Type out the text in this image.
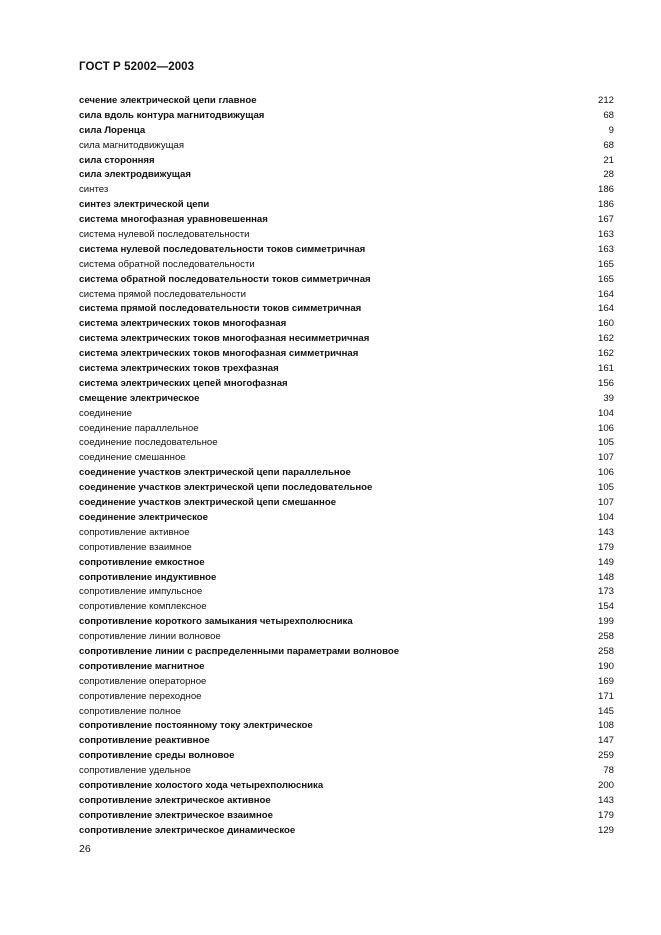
ГОСТ Р 52002—2003
сечение электрической цепи главное	212
сила вдоль контура магнитодвижущая	68
сила Лоренца	9
сила магнитодвижущая	68
сила сторонняя	21
сила электродвижущая	28
синтез	186
синтез электрической цепи	186
система многофазная уравновешенная	167
система нулевой последовательности	163
система нулевой последовательности токов симметричная	163
система обратной последовательности	165
система обратной последовательности токов симметричная	165
система прямой последовательности	164
система прямой последовательности токов симметричная	164
система электрических токов многофазная	160
система электрических токов многофазная несимметричная	162
система электрических токов многофазная симметричная	162
система электрических токов трехфазная	161
система электрических цепей многофазная	156
смещение электрическое	39
соединение	104
соединение параллельное	106
соединение последовательное	105
соединение смешанное	107
соединение участков электрической цепи параллельное	106
соединение участков электрической цепи последовательное	105
соединение участков электрической цепи смешанное	107
соединение электрическое	104
сопротивление активное	143
сопротивление взаимное	179
сопротивление емкостное	149
сопротивление индуктивное	148
сопротивление импульсное	173
сопротивление комплексное	154
сопротивление короткого замыкания четырехполюсника	199
сопротивление линии волновое	258
сопротивление линии с распределенными параметрами волновое	258
сопротивление магнитное	190
сопротивление операторное	169
сопротивление переходное	171
сопротивление полное	145
сопротивление постоянному току электрическое	108
сопротивление реактивное	147
сопротивление среды волновое	259
сопротивление удельное	78
сопротивление холостого хода четырехполюсника	200
сопротивление электрическое активное	143
сопротивление электрическое взаимное	179
сопротивление электрическое динамическое	129
26
